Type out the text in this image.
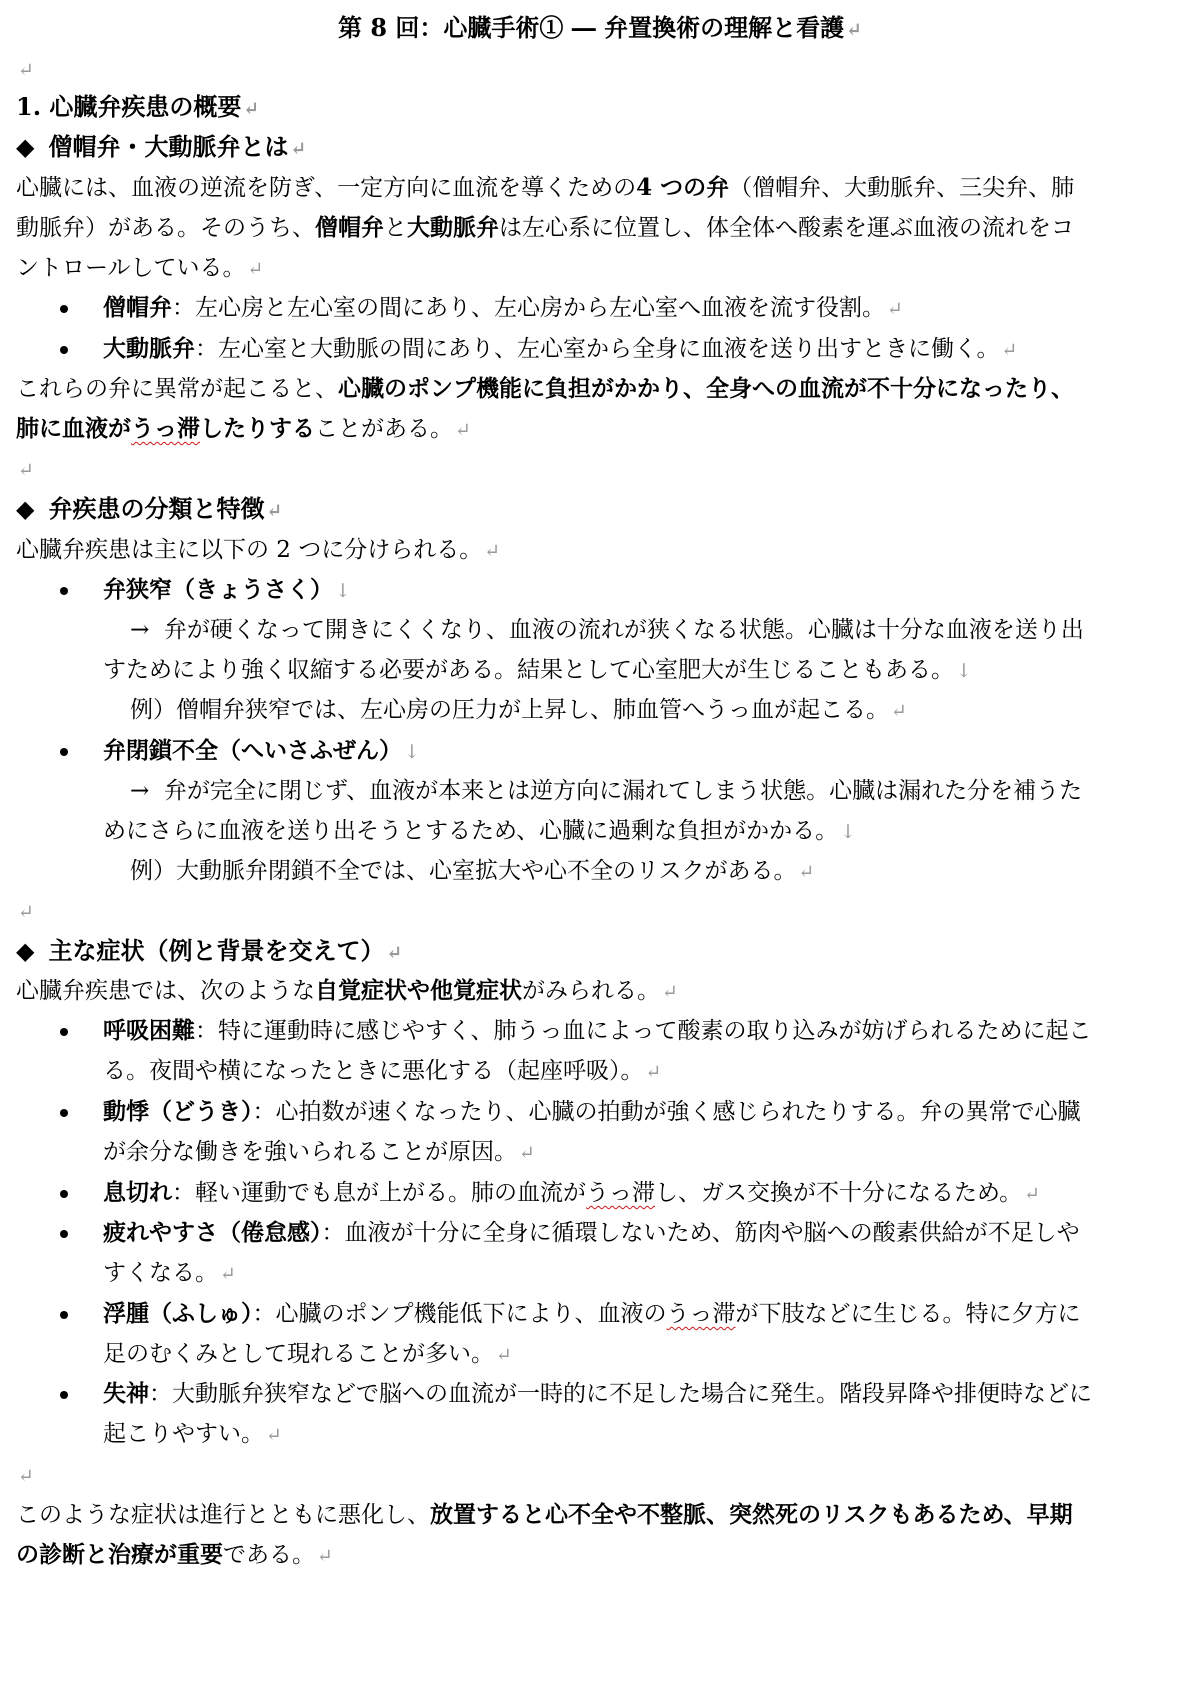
第 8 回：心臓手術① ― 弁置換術の理解と看護 ↵
↵
1. 心臓弁疾患の概要 ↵
◆ 僧帽弁・大動脈弁とは ↵
心臓には、血液の逆流を防ぎ、一定方向に血流を導くための4 つの弁（僧帽弁、大動脈弁、三尖弁、肺
動脈弁）がある。そのうち、僧帽弁と大動脈弁は左心系に位置し、体全体へ酸素を運ぶ血液の流れをコ
ントロールしている。 ↵
僧帽弁：左心房と左心室の間にあり、左心房から左心室へ血液を流す役割。 ↵
大動脈弁：左心室と大動脈の間にあり、左心室から全身に血液を送り出すときに働く。 ↵
これらの弁に異常が起こると、心臓のポンプ機能に負担がかかり、全身への血流が不十分になったり、
肺に血液がうっ滞したりすることがある。 ↵
↵
◆ 弁疾患の分類と特徴 ↵
心臓弁疾患は主に以下の 2 つに分けられる。 ↵
弁狭窄（きょうさく） ↓
→ 弁が硬くなって開きにくくなり、血液の流れが狭くなる状態。心臓は十分な血液を送り出
すためにより強く収縮する必要がある。結果として心室肥大が生じることもある。 ↓
例）僧帽弁狭窄では、左心房の圧力が上昇し、肺血管へうっ血が起こる。 ↵
弁閉鎖不全（へいさふぜん） ↓
→ 弁が完全に閉じず、血液が本来とは逆方向に漏れてしまう状態。心臓は漏れた分を補うた
めにさらに血液を送り出そうとするため、心臓に過剰な負担がかかる。 ↓
例）大動脈弁閉鎖不全では、心室拡大や心不全のリスクがある。 ↵
↵
◆ 主な症状（例と背景を交えて） ↵
心臓弁疾患では、次のような自覚症状や他覚症状がみられる。 ↵
呼吸困難：特に運動時に感じやすく、肺うっ血によって酸素の取り込みが妨げられるために起こ
る。夜間や横になったときに悪化する（起座呼吸）。 ↵
動悸（どうき）：心拍数が速くなったり、心臓の拍動が強く感じられたりする。弁の異常で心臓
が余分な働きを強いられることが原因。 ↵
息切れ：軽い運動でも息が上がる。肺の血流がうっ滞し、ガス交換が不十分になるため。 ↵
疲れやすさ（倦怠感）：血液が十分に全身に循環しないため、筋肉や脳への酸素供給が不足しや
すくなる。 ↵
浮腫（ふしゅ）：心臓のポンプ機能低下により、血液のうっ滞が下肢などに生じる。特に夕方に
足のむくみとして現れることが多い。 ↵
失神：大動脈弁狭窄などで脳への血流が一時的に不足した場合に発生。階段昇降や排便時などに
起こりやすい。 ↵
↵
このような症状は進行とともに悪化し、放置すると心不全や不整脈、突然死のリスクもあるため、早期
の診断と治療が重要である。 ↵
